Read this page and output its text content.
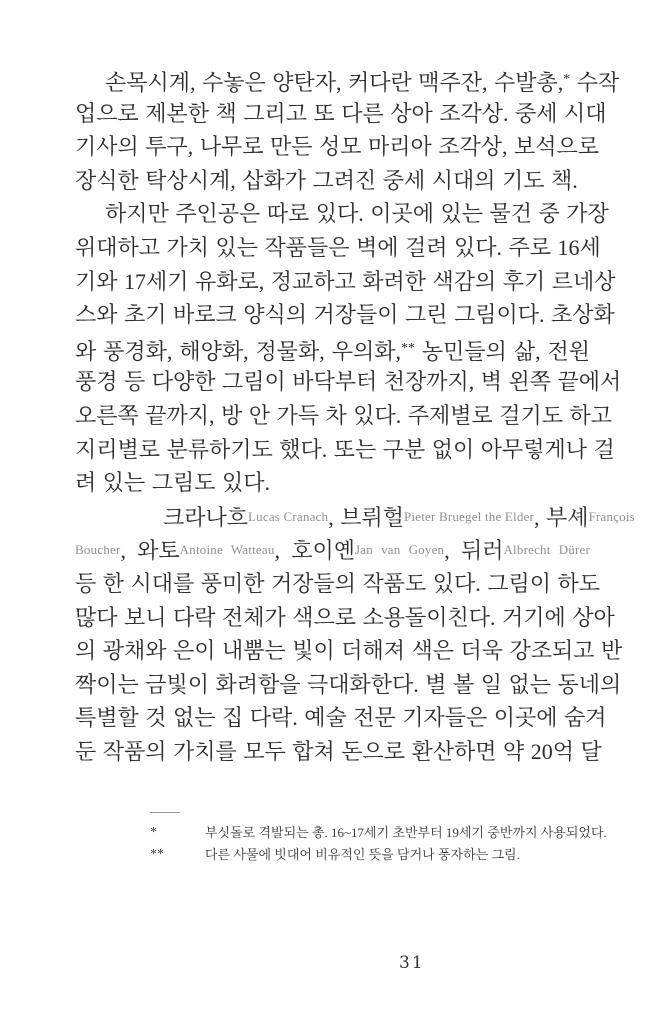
손목시계, 수놓은 양탄자, 커다란 맥주잔, 수발총,* 수작
업으로 제본한 책 그리고 또 다른 상아 조각상. 중세 시대
기사의 투구, 나무로 만든 성모 마리아 조각상, 보석으로
장식한 탁상시계, 삽화가 그려진 중세 시대의 기도 책.
하지만 주인공은 따로 있다. 이곳에 있는 물건 중 가장
위대하고 가치 있는 작품들은 벽에 걸려 있다. 주로 16세
기와 17세기 유화로, 정교하고 화려한 색감의 후기 르네상
스와 초기 바로크 양식의 거장들이 그린 그림이다. 초상화
와 풍경화, 해양화, 정물화, 우의화,** 농민들의 삶, 전원
풍경 등 다양한 그림이 바닥부터 천장까지, 벽 왼쪽 끝에서
오른쪽 끝까지, 방 안 가득 차 있다. 주제별로 걸기도 하고
지리별로 분류하기도 했다. 또는 구분 없이 아무렇게나 걸
려 있는 그림도 있다.
크라나흐Lucas Cranach, 브뤼헐Pieter Bruegel the Elder, 부셰François
Boucher, 와토Antoine Watteau, 호이옌Jan van Goyen, 뒤러Albrecht Dürer
등 한 시대를 풍미한 거장들의 작품도 있다. 그림이 하도
많다 보니 다락 전체가 색으로 소용돌이친다. 거기에 상아
의 광채와 은이 내뿜는 빛이 더해져 색은 더욱 강조되고 반
짝이는 금빛이 화려함을 극대화한다. 별 볼 일 없는 동네의
특별할 것 없는 집 다락. 예술 전문 기자들은 이곳에 숨겨
둔 작품의 가치를 모두 합쳐 돈으로 환산하면 약 20억 달
*	부싯돌로 격발되는 총. 16~17세기 초반부터 19세기 중반까지 사용되었다.
**	다른 사물에 빗대어 비유적인 뜻을 담거나 풍자하는 그림.
31
